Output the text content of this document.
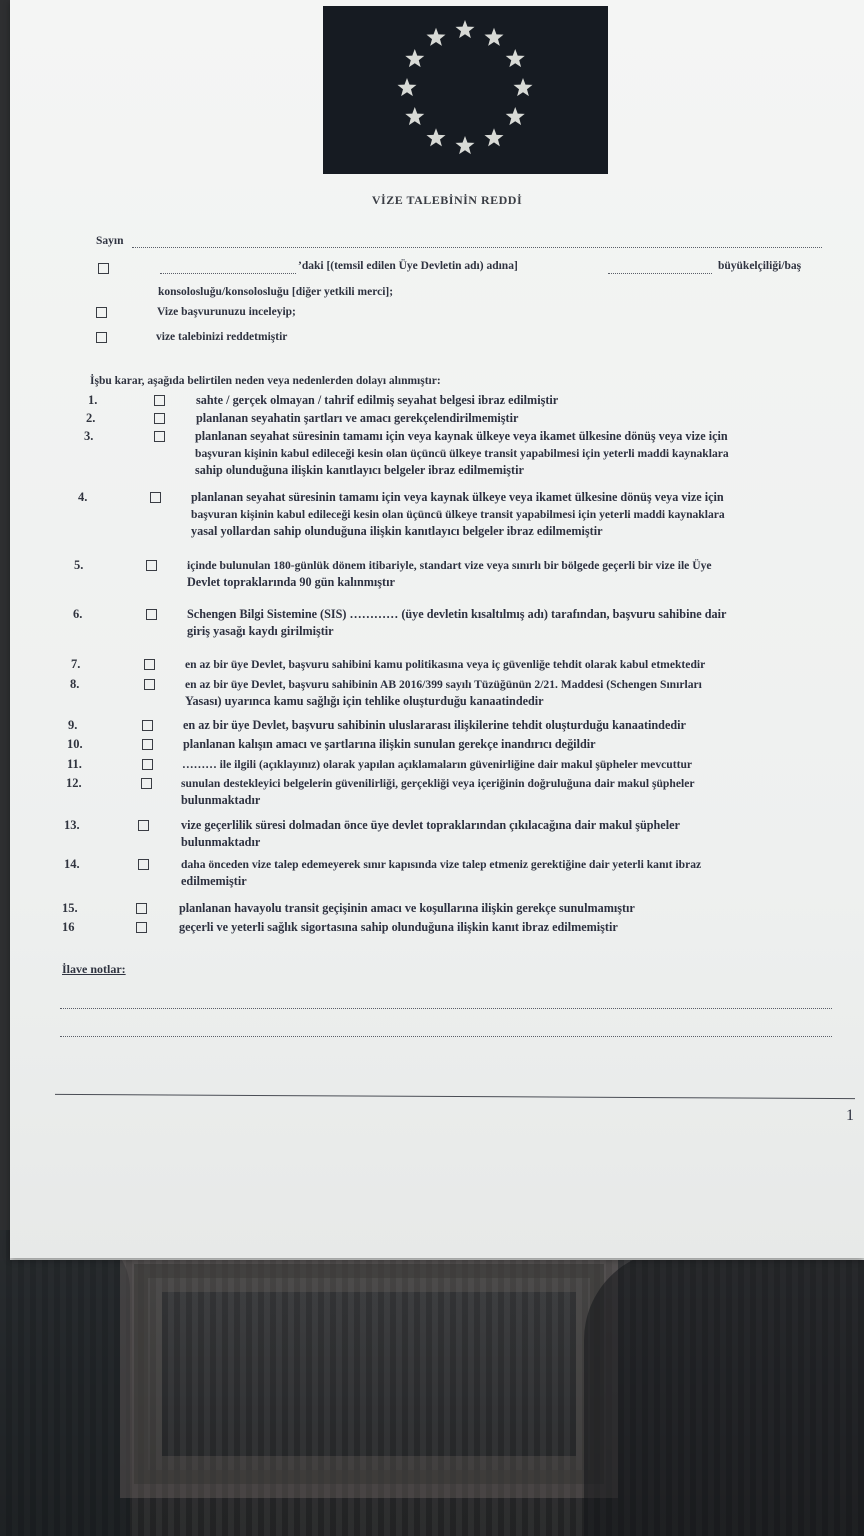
VİZE TALEBİNİN REDDİ
Sayın
’daki [(temsil edilen Üye Devletin adı) adına]	büyükelçiliği/baş
konsolosluğu/konsolosluğu [diğer yetkili merci];
Vize başvurunuzu inceleyip;
vize talebinizi reddetmiştir
İşbu karar, aşağıda belirtilen neden veya nedenlerden dolayı alınmıştır:
1.	sahte / gerçek olmayan / tahrif edilmiş seyahat belgesi ibraz edilmiştir
2.	planlanan seyahatin şartları ve amacı gerekçelendirilmemiştir
3.	planlanan seyahat süresinin tamamı için veya kaynak ülkeye veya ikamet ülkesine dönüş veya vize için
başvuran kişinin kabul edileceği kesin olan üçüncü ülkeye transit yapabilmesi için yeterli maddi kaynaklara
sahip olunduğuna ilişkin kanıtlayıcı belgeler ibraz edilmemiştir
4.	planlanan seyahat süresinin tamamı için veya kaynak ülkeye veya ikamet ülkesine dönüş veya vize için
başvuran kişinin kabul edileceği kesin olan üçüncü ülkeye transit yapabilmesi için yeterli maddi kaynaklara
yasal yollardan sahip olunduğuna ilişkin kanıtlayıcı belgeler ibraz edilmemiştir
5.	içinde bulunulan 180-günlük dönem itibariyle, standart vize veya sınırlı bir bölgede geçerli bir vize ile Üye
Devlet topraklarında 90 gün kalınmıştır
6.	Schengen Bilgi Sistemine (SIS) ………… (üye devletin kısaltılmış adı) tarafından, başvuru sahibine dair
giriş yasağı kaydı girilmiştir
7.	en az bir üye Devlet, başvuru sahibini kamu politikasına veya iç güvenliğe tehdit olarak kabul etmektedir
8.	en az bir üye Devlet, başvuru sahibinin AB 2016/399 sayılı Tüzüğünün 2/21. Maddesi (Schengen Sınırları
Yasası) uyarınca kamu sağlığı için tehlike oluşturduğu kanaatindedir
9.	en az bir üye Devlet, başvuru sahibinin uluslararası ilişkilerine tehdit oluşturduğu kanaatindedir
10.	planlanan kalışın amacı ve şartlarına ilişkin sunulan gerekçe inandırıcı değildir
11.	……… ile ilgili (açıklayınız) olarak yapılan açıklamaların güvenirliğine dair makul şüpheler mevcuttur
12.	sunulan destekleyici belgelerin güvenilirliği, gerçekliği veya içeriğinin doğruluğuna dair makul şüpheler
bulunmaktadır
13.	vize geçerlilik süresi dolmadan önce üye devlet topraklarından çıkılacağına dair makul şüpheler
bulunmaktadır
14.	daha önceden vize talep edemeyerek sınır kapısında vize talep etmeniz gerektiğine dair yeterli kanıt ibraz
edilmemiştir
15.	planlanan havayolu transit geçişinin amacı ve koşullarına ilişkin gerekçe sunulmamıştır
16	geçerli ve yeterli sağlık sigortasına sahip olunduğuna ilişkin kanıt ibraz edilmemiştir
İlave notlar:
1
